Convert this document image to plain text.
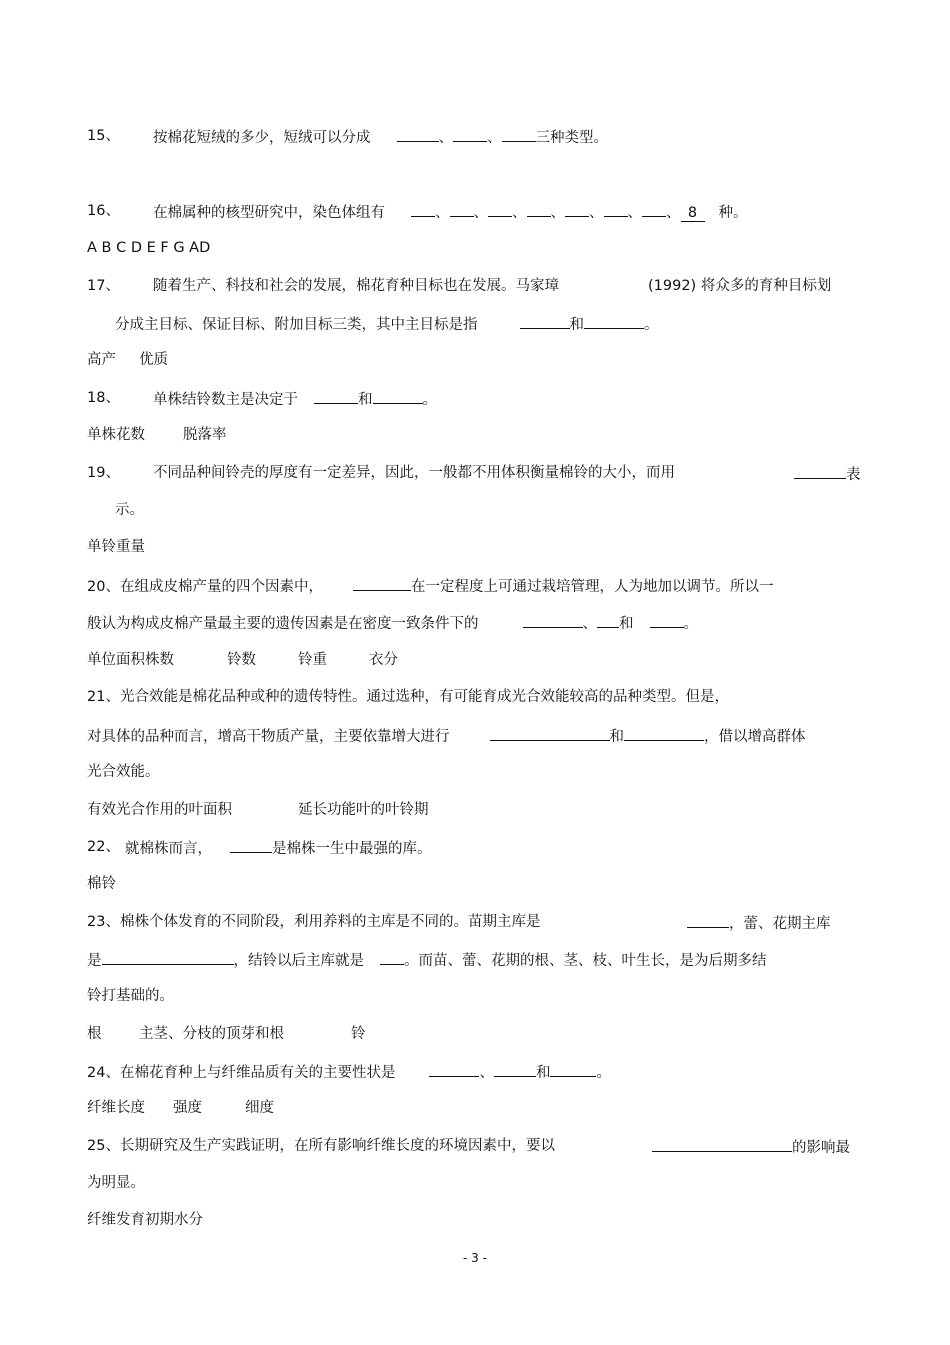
15、 按棉花短绒的多少，短绒可以分成	、 、 三种类型。
16、 在棉属种的核型研究中，染色体组有	、 、 、 、 、 、 、 8 种。
A B C D E F G AD
17、 随着生产、科技和社会的发展，棉花育种目标也在发展。马家璋	(1992) 将众多的育种目标划
分成主目标、保证目标、附加目标三类，其中主目标是指	和	。
高产 优质
18、 单株结铃数主是决定于	和	。
单株花数	脱落率
19、 不同品种间铃壳的厚度有一定差异，因此，一般都不用体积衡量棉铃的大小，而用	表
示。
单铃重量
20、在组成皮棉产量的四个因素中，	在一定程度上可通过栽培管理，人为地加以调节。所以一
般认为构成皮棉产量最主要的遗传因素是在密度一致条件下的	、 和	。
单位面积株数	铃数	铃重	衣分
21、光合效能是棉花品种或种的遗传特性。通过选种，有可能育成光合效能较高的品种类型。但是，
对具体的品种而言，增高干物质产量，主要依靠增大进行	和	，借以增高群体
光合效能。
有效光合作用的叶面积	延长功能叶的叶铃期
22、 就棉株而言，	是棉株一生中最强的库。
棉铃
23、棉株个体发育的不同阶段，利用养料的主库是不同的。苗期主库是	，蕾、花期主库
是	，结铃以后主库就是	。而苗、蕾、花期的根、茎、枝、叶生长，是为后期多结
铃打基础的。
根	主茎、分枝的顶芽和根	铃
24、在棉花育种上与纤维品质有关的主要性状是	、	和	。
纤维长度 强度	细度
25、长期研究及生产实践证明，在所有影响纤维长度的环境因素中，要以	的影响最
为明显。
纤维发育初期水分
- 3 -
